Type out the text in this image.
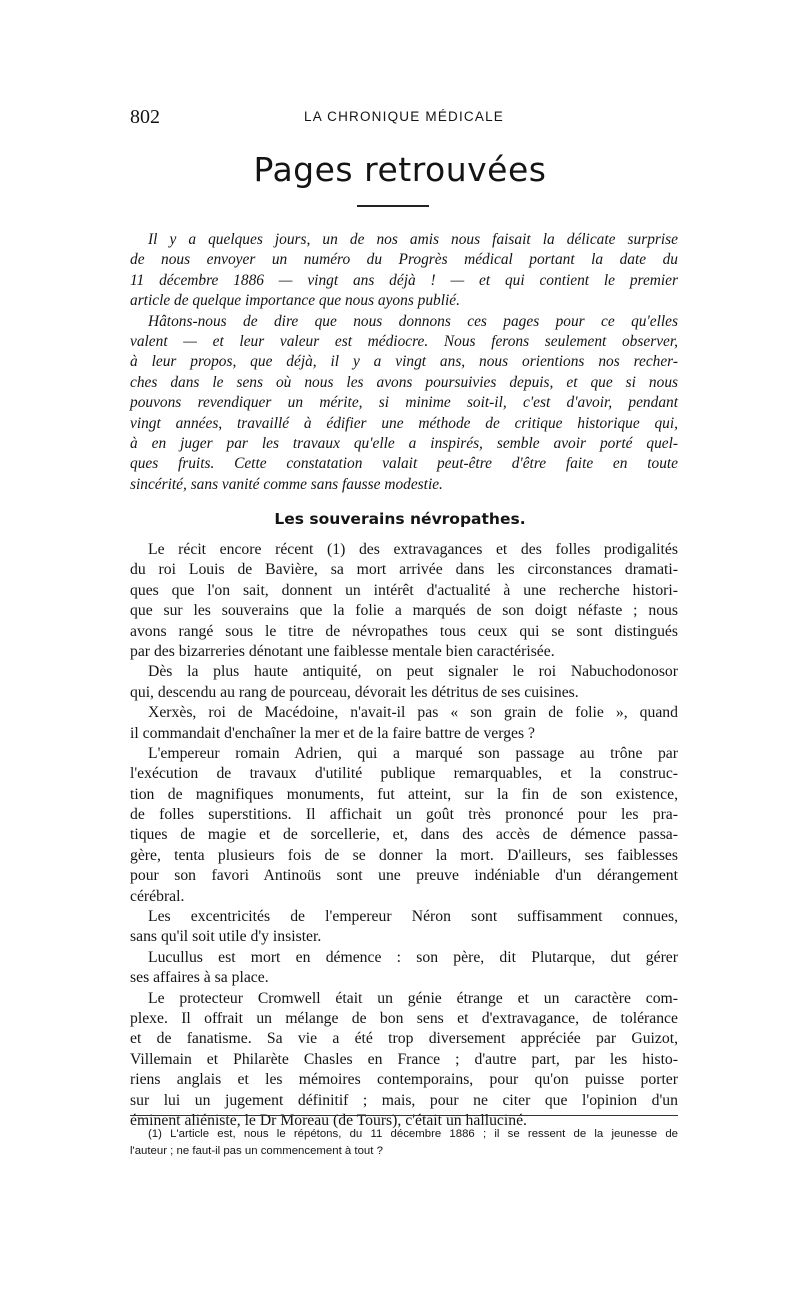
802	LA CHRONIQUE MÉDICALE
Pages retrouvées
Il y a quelques jours, un de nos amis nous faisait la délicate surprise
de nous envoyer un numéro du Progrès médical portant la date du
11 décembre 1886 — vingt ans déjà ! — et qui contient le premier
article de quelque importance que nous ayons publié.
Hâtons-nous de dire que nous donnons ces pages pour ce qu'elles
valent — et leur valeur est médiocre. Nous ferons seulement observer,
à leur propos, que déjà, il y a vingt ans, nous orientions nos recher-
ches dans le sens où nous les avons poursuivies depuis, et que si nous
pouvons revendiquer un mérite, si minime soit-il, c'est d'avoir, pendant
vingt années, travaillé à édifier une méthode de critique historique qui,
à en juger par les travaux qu'elle a inspirés, semble avoir porté quel-
ques fruits. Cette constatation valait peut-être d'être faite en toute
sincérité, sans vanité comme sans fausse modestie.
Les souverains névropathes.
Le récit encore récent (1) des extravagances et des folles prodigalités
du roi Louis de Bavière, sa mort arrivée dans les circonstances dramati-
ques que l'on sait, donnent un intérêt d'actualité à une recherche histori-
que sur les souverains que la folie a marqués de son doigt néfaste ; nous
avons rangé sous le titre de névropathes tous ceux qui se sont distingués
par des bizarreries dénotant une faiblesse mentale bien caractérisée.
Dès la plus haute antiquité, on peut signaler le roi Nabuchodonosor
qui, descendu au rang de pourceau, dévorait les détritus de ses cuisines.
Xerxès, roi de Macédoine, n'avait-il pas « son grain de folie », quand
il commandait d'enchaîner la mer et de la faire battre de verges ?
L'empereur romain Adrien, qui a marqué son passage au trône par
l'exécution de travaux d'utilité publique remarquables, et la construc-
tion de magnifiques monuments, fut atteint, sur la fin de son existence,
de folles superstitions. Il affichait un goût très prononcé pour les pra-
tiques de magie et de sorcellerie, et, dans des accès de démence passa-
gère, tenta plusieurs fois de se donner la mort. D'ailleurs, ses faiblesses
pour son favori Antinoüs sont une preuve indéniable d'un dérangement
cérébral.
Les excentricités de l'empereur Néron sont suffisamment connues,
sans qu'il soit utile d'y insister.
Lucullus est mort en démence : son père, dit Plutarque, dut gérer
ses affaires à sa place.
Le protecteur Cromwell était un génie étrange et un caractère com-
plexe. Il offrait un mélange de bon sens et d'extravagance, de tolérance
et de fanatisme. Sa vie a été trop diversement appréciée par Guizot,
Villemain et Philarète Chasles en France ; d'autre part, par les histo-
riens anglais et les mémoires contemporains, pour qu'on puisse porter
sur lui un jugement définitif ; mais, pour ne citer que l'opinion d'un
éminent aliéniste, le Dr Moreau (de Tours), c'était un halluciné.
(1) L'article est, nous le répétons, du 11 décembre 1886 ; il se ressent de la jeunesse de
l'auteur ; ne faut-il pas un commencement à tout ?
